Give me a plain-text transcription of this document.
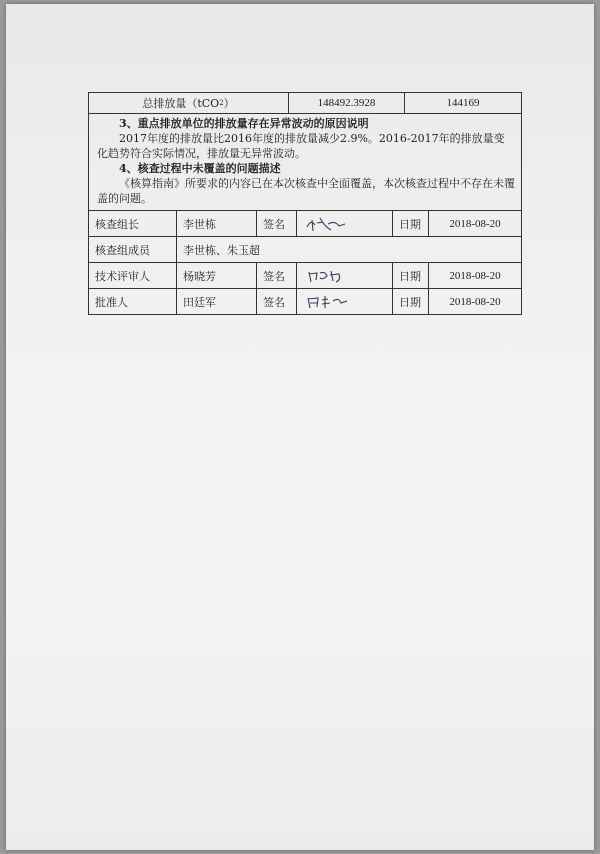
总排放量（tCO 2 ）	148492.3928	144169

3、重点排放单位的排放量存在异常波动的原因说明

2017年度的排放量比2016年度的排放量减少2.9%。2016-2017年的排放量变化趋势符合实际情况，排放量无异常波动。

4、核查过程中未覆盖的问题描述

《核算指南》所要求的内容已在本次核查中全面覆盖，本次核查过程中不存在未覆盖的问题。

核查组长	李世栋	签名	日期	2018-08-20
核查组成员	李世栋、朱玉超
技术评审人	杨晓芳	签名	日期	2018-08-20
批准人	田廷军	签名	日期	2018-08-20
